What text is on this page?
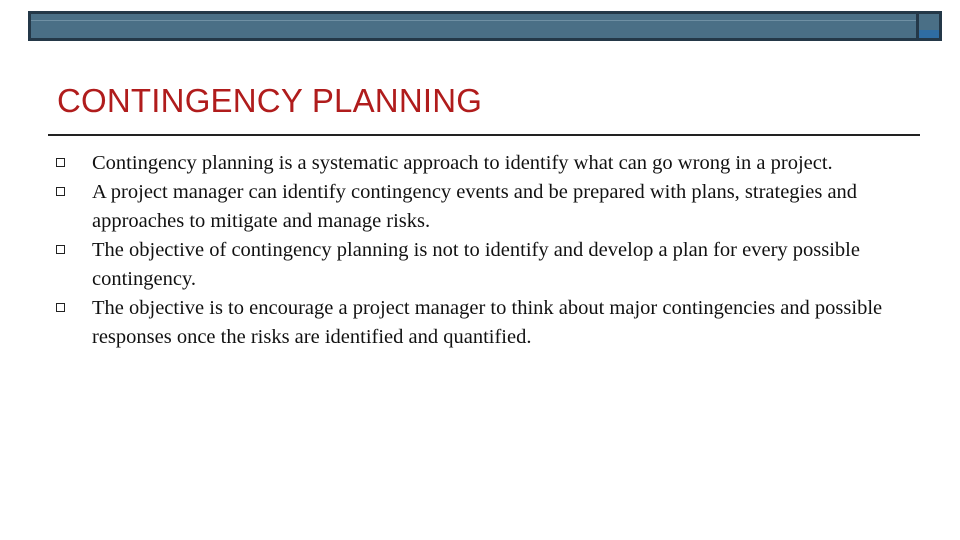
CONTINGENCY PLANNING
Contingency planning is a systematic approach to identify what can go wrong in a project.
A project manager can identify contingency events and be prepared with plans, strategies and approaches to mitigate and manage risks.
The objective of contingency planning is not to identify and develop a plan for every possible contingency.
The objective is to encourage a project manager to think about major contingencies and possible responses once the risks are identified and quantified.
